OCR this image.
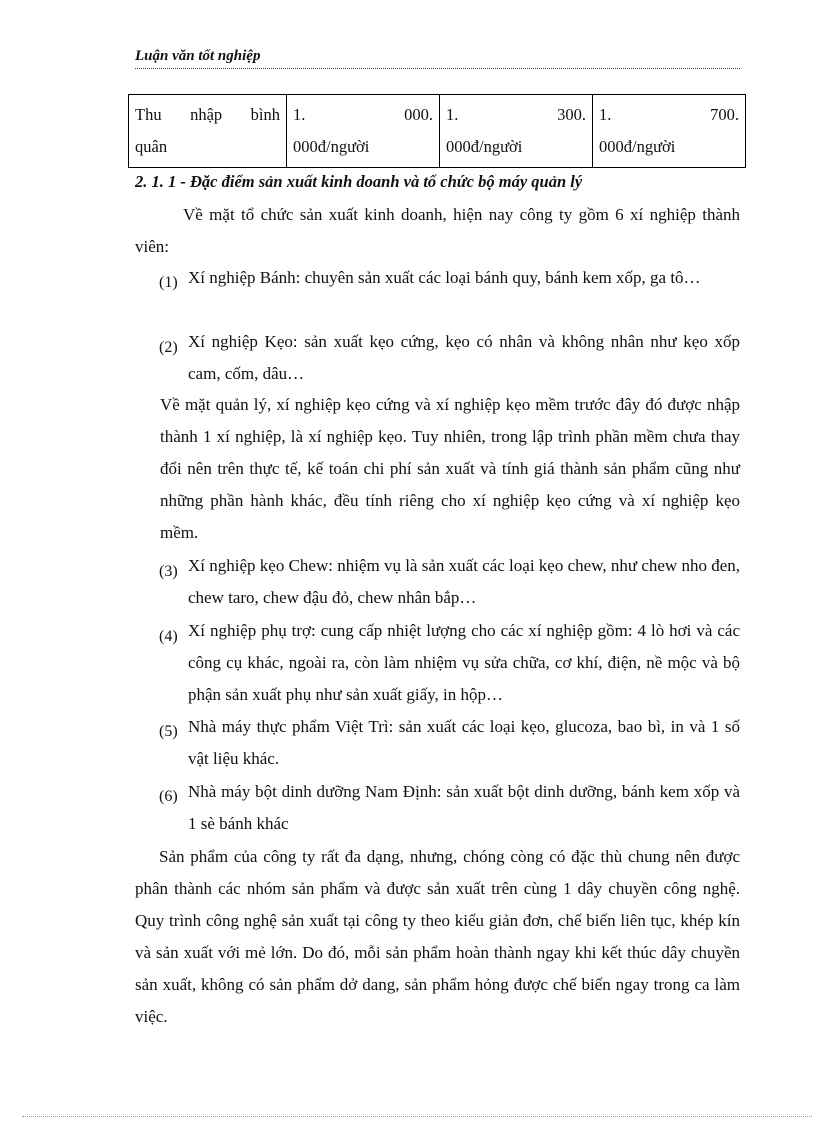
Luận văn tốt nghiệp
Thu nhập bình
quân
	1. 000.
000đ/người
	1. 300.
000đ/người
	1. 700.
000đ/người
2. 1. 1 - Đặc điểm sản xuất kinh doanh và tổ chức bộ máy quản lý
Về mặt tổ chức sản xuất kinh doanh, hiện nay công ty gồm 6 xí nghiệp thành viên:
(1) Xí nghiệp Bánh: chuyên sản xuất các loại bánh quy, bánh kem xốp, ga tô…
(2) Xí nghiệp Kẹo: sản xuất kẹo cứng, kẹo có nhân và không nhân như kẹo xốp cam, cốm, dâu…
Về mặt quản lý, xí nghiệp kẹo cứng và xí nghiệp kẹo mềm trước đây đó được nhập thành 1 xí nghiệp, là xí nghiệp kẹo. Tuy nhiên, trong lập trình phần mềm chưa thay đổi nên trên thực tế, kế toán chi phí sản xuất và tính giá thành sản phẩm cũng như những phần hành khác, đều tính riêng cho xí nghiệp kẹo cứng và xí nghiệp kẹo mềm.
(3) Xí nghiệp kẹo Chew: nhiệm vụ là sản xuất các loại kẹo chew, như chew nho đen, chew taro, chew đậu đỏ, chew nhân bắp…
(4) Xí nghiệp phụ trợ: cung cấp nhiệt lượng cho các xí nghiệp gồm: 4 lò hơi và các công cụ khác, ngoài ra, còn làm nhiệm vụ sửa chữa, cơ khí, điện, nề mộc và bộ phận sản xuất phụ như sản xuất giấy, in hộp…
(5) Nhà máy thực phẩm Việt Trì: sản xuất các loại kẹo, glucoza, bao bì, in và 1 số vật liệu khác.
(6) Nhà máy bột dinh dưỡng Nam Định: sản xuất bột dinh dưỡng, bánh kem xốp và 1 sè bánh khác
Sản phẩm của công ty rất đa dạng, nhưng, chóng còng có đặc thù chung nên được phân thành các nhóm sản phẩm và được sản xuất trên cùng 1 dây chuyền công nghệ. Quy trình công nghệ sản xuất tại công ty theo kiểu giản đơn, chế biến liên tục, khép kín và sản xuất với mẻ lớn. Do đó, mỗi sản phẩm hoàn thành ngay khi kết thúc dây chuyền sản xuất, không có sản phẩm dở dang, sản phẩm hỏng được chế biến ngay trong ca làm việc.
